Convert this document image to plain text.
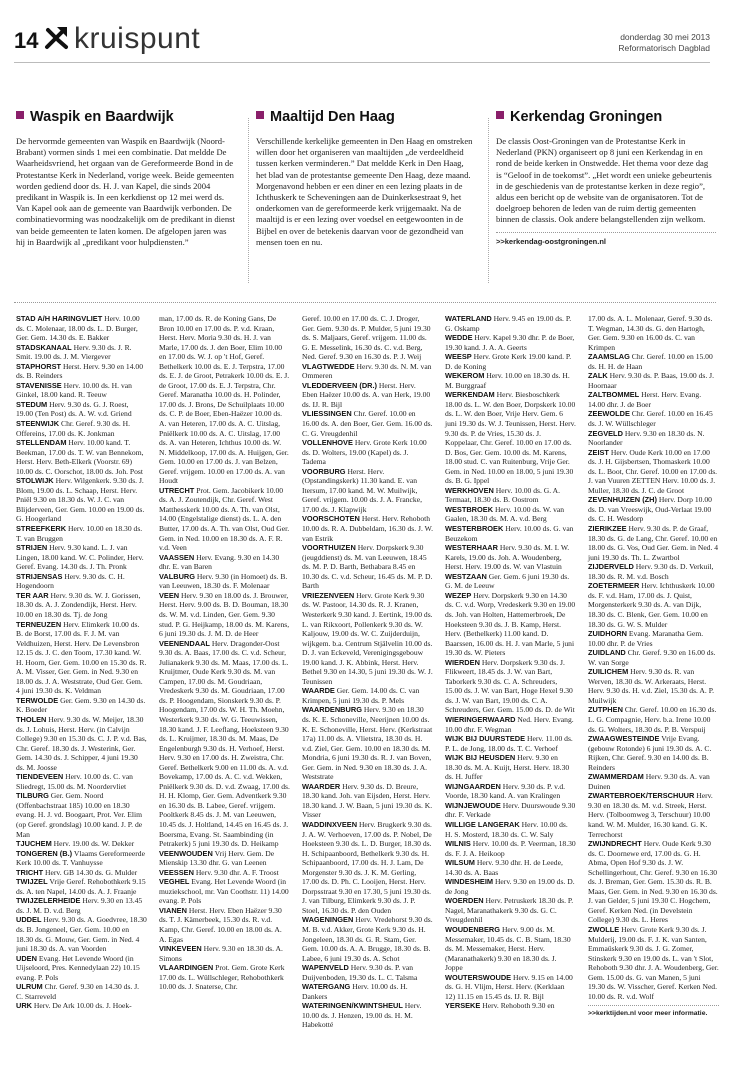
14 kruispunt	donderdag 30 mei 2013
Reformatorisch Dagblad
Waspik en Baardwijk

De hervormde gemeenten van Waspik en Baardwijk (Noord-Brabant) vormen sinds 1 mei een combinatie. Dat meldde De Waarheidsvriend, het orgaan van de Gereformeerde Bond in de Protestantse Kerk in Nederland, vorige week. Beide gemeenten worden gediend door ds. H. J. van Kapel, die sinds 2004 predikant in Waspik is. In een kerkdienst op 12 mei werd ds. Van Kapel ook aan de gemeente van Baardwijk verbonden. De combinatievorming was noodzakelijk om de predikant in dienst van beide gemeenten te laten komen. De afgelopen jaren was hij in Baardwijk al „predikant voor hulpdiensten.”

Maaltijd Den Haag

Verschillende kerkelijke gemeenten in Den Haag en omstreken willen door het organiseren van maaltijden „de verdeeldheid tussen kerken verminderen.” Dat meldde Kerk in Den Haag, het blad van de protestantse gemeente Den Haag, deze maand. Morgenavond hebben er een diner en een lezing plaats in de Ichthuskerk te Scheveningen aan de Duinkerksestraat 9, het onderkomen van de gereformeerde kerk vrijgemaakt. Na de maaltijd is er een lezing over voedsel en eetgewoonten in de Bijbel en over de betekenis daarvan voor de gezondheid van mensen toen en nu.

Kerkendag Groningen

De classis Oost-Groningen van de Protestantse Kerk in Nederland (PKN) organiseert op 8 juni een Kerkendag in en rond de beide kerken in Onstwedde. Het thema voor deze dag is “Geloof in de toekomst”. „Het wordt een unieke gebeurtenis in de geschiedenis van de protestantse kerken in deze regio”, aldus een bericht op de website van de organisatoren. Tot de doelgroep behoren de leden van de ruim dertig gemeenten binnen de classis. Ook andere belangstellenden zijn welkom.

>>kerkendag-oostgroningen.nl

STAD A/H HARINGVLIET Herv. 10.00 ds. C. Molenaar, 18.00 ds. L. D. Burger, Ger. Gem. 14.30 ds. E. Bakker

STADSKANAAL Herv. 9.30 ds. J. R. Smit. 19.00 ds. J. M. Viergever

STAPHORST Herst. Herv. 9.30 en 14.00 ds. B. Reinders

STAVENISSE Herv. 10.00 ds. H. van Ginkel, 18.00 kand. R. Teeuw

STEDUM Herv. 9.30 ds. G. J. Roest, 19.00 (Ten Post) ds. A. W. v.d. Griend

STEENWIJK Chr. Geref. 9.30 ds. H. Offereins, 17.00 ds. K. Jonkman

STELLENDAM Herv. 10.00 kand. T. Beekman, 17.00 ds. T. W. van Bennekom, Herst. Herv. Beth-Elkerk (Voorstr. 69) 10.00 ds. C. Oorschot, 18.00 ds. Joh. Post

STOLWIJK Herv. Wilgenkerk. 9.30 ds. J. Blom, 19.00 ds. L. Schaap, Herst. Herv. Pniël 9.30 en 18.30 ds. W. J. C. van Blijderveen, Ger. Gem. 10.00 en 19.00 ds. G. Hoogerland

STREEFKERK Herv. 10.00 en 18.30 ds. T. van Bruggen

STRIJEN Herv. 9.30 kand. L. J. van Lingen, 18.00 kand. W. C. Polinder, Herv. Geref. Evang. 14.30 ds. J. Th. Pronk

STRIJENSAS Herv. 9.30 ds. C. H. Hogendoorn

TER AAR Herv. 9.30 ds. W. J. Gorissen, 18.30 ds. A. J. Zondendijk, Herst. Herv. 10.00 en 18.30 ds. Tj. de Jong

TERNEUZEN Herv. Elimkerk 10.00 ds. B. de Borst, 17.00 ds. F. J. M. van Veldhuizen, Herst. Herv. De Levensbron 12.15 ds. J. C. den Toom, 17.30 kand. W. H. Hoorn, Ger. Gem. 10.00 en 15.30 ds. R. A. M. Visser, Ger. Gem. in Ned. 9.30 en 18.00 ds. J. A. Weststrate, Oud Ger. Gem. 4 juni 19.30 ds. K. Veldman

TERWOLDE Ger. Gem. 9.30 en 14.30 ds. K. Boeder

THOLEN Herv. 9.30 ds. W. Meijer, 18.30 ds. J. Lohuis, Herst. Herv. (in Calvijn College) 9.30 en 15.30 ds. C. J. P. v.d. Bas, Chr. Geref. 18.30 ds. J. Westerink, Ger. Gem. 14.30 ds. J. Schipper, 4 juni 19.30 ds. M. Joosse

TIENDEVEEN Herv. 10.00 ds. C. van Sliedregt, 15.00 ds. M. Noordervliet

TILBURG Ger. Gem. Noord (Offenbachstraat 185) 10.00 en 18.30 evang. H. J. vd. Boogaart, Prot. Ver. Elim (op Geref. grondslag) 10.00 kand. J. P. de Man

TJUCHEM Herv. 19.00 ds. W. Dekker

TONGEREN (B.) Vlaams Gereformeerde Kerk 10.00 ds. T. Vanhuysse

TRICHT Herv. GB 14.30 ds. G. Mulder

TWIJZEL Vrije Geref. Rehobothkerk 9.15 ds. A. ten Napel, 14.00 ds. A. J. Fraanje

TWIJZELERHEIDE Herv. 9.30 en 13.45 ds. J. M. D. v.d. Berg

UDDEL Herv. 9.30 ds. A. Goedvree, 18.30 ds. B. Jongeneel, Ger. Gem. 10.00 en 18.30 ds. G. Mouw, Ger. Gem. in Ned. 4 juni 18.30 ds. A. van Voorden

UDEN Evang. Het Levende Woord (in Uijseloord, Pres. Kennedylaan 22) 10.15 evang. P. Pols

ULRUM Chr. Geref. 9.30 en 14.30 ds. J. C. Starreveld

URK Herv. De Ark 10.00 ds. J. Hoek-

man, 17.00 ds. R. de Koning Gans, De Bron 10.00 en 17.00 ds. P. v.d. Kraan, Herst. Herv. Moria 9.30 ds. H. J. van Marle, 17.00 ds. J. den Boer, Elim 10.00 en 17.00 ds. W. J. op 't Hof, Geref. Bethelkerk 10.00 ds. E. J. Terpstra, 17.00 ds. E. J. de Groot, Petrakerk 10.00 ds. E. J. de Groot, 17.00 ds. E. J. Terpstra, Chr. Geref. Maranatha 10.00 ds. H. Polinder, 17.00 ds. J. Brons, De Schuilplaats 10.00 ds. C. P. de Boer, Eben-Haëzer 10.00 ds. A. van Heteren, 17.00 ds. A. C. Uitslag, Pniëlkerk 10.00 ds. A. C. Uitslag, 17.00 ds. A. van Heteren, Ichthus 10.00 ds. W. N. Middelkoop, 17.00 ds. A. Huijgen, Ger. Gem. 10.00 en 17.00 ds. J. van Belzen, Geref. vrijgem. 10.00 en 17.00 ds. A. van Houdt

UTRECHT Prot. Gem. Jacobikerk 10.00 ds. A. J. Zoutendijk, Chr. Geref. West Matthesskerk 10.00 ds. A. Th. van Olst, 14.00 (Engelstalige dienst) ds. L. A. den Butter, 17.00 ds. A. Th. van Olst, Oud Ger. Gem. in Ned. 10.00 en 18.30 ds. A. F. R. v.d. Veen

VAASSEN Herv. Evang. 9.30 en 14.30 dhr. E. van Baren

VALBURG Herv. 9.30 (in Homoet) ds. B. van Leeuwen, 18.30 ds. F. Molenaar

VEEN Herv. 9.30 en 18.00 ds. J. Brouwer, Herst. Herv. 9.00 ds. B. D. Bouman, 18.30 ds. W. M. v.d. Linden, Ger. Gem. 9.30 stud. P. G. Heijkamp, 18.00 ds. M. Karens, 6 juni 19.30 ds. J. M. D. de Heer

VEENENDAAL Herv. Dragonder-Oost 9.30 ds. A. Baas, 17.00 ds. C. v.d. Scheur, Julianakerk 9.30 ds. M. Maas, 17.00 ds. L. Kruijtmer, Oude Kerk 9.30 ds. M. van Campen, 17.00 ds. M. Goudriaan, Vredeskerk 9.30 ds. M. Goudriaan, 17.00 ds. P. Hoogendam, Sionskerk 9.30 ds. P. Hoogendam, 17.00 ds. W. H. Th. Moehn, Westerkerk 9.30 ds. W. G. Teeuwissen, 18.30 kand. J. F. Leeflang, Hoeksteen 9.30 ds. L. Kruijmer, 18.30 ds. M. Maas, De Engelenburgh 9.30 ds. H. Verhoef, Herst. Herv. 9.30 en 17.00 ds. H. Zweistra, Chr. Geref. Bethelkerk 9.00 en 11.00 ds. A. v.d. Bovekamp, 17.00 ds. A. C. v.d. Wekken, Pniëlkerk 9.30 ds. D. v.d. Zwaag, 17.00 ds. H. H. Klomp, Ger. Gem. Adventkerk 9.30 en 16.30 ds. B. Labee, Geref. vrijgem. Pooltkerk 8.45 ds. J. M. van Leeuwen, 10.45 ds. J. Holtland, 14.45 en 16.45 ds. J. Boersma, Evang. St. Saambinding (in Petrakerk) 5 juni 19.30 ds. D. Heikamp

VEENWOUDEN Vrij Herv. Gem. De Mienskip 13.30 dhr. G. van Leenen

VEESSEN Herv. 9.30 dhr. A. F. Troost

VEGHEL Evang. Het Levende Woord (in muziekschool, mr. Van Coothstr. 11) 14.00 evang. P. Pols

VIANEN Herst. Herv. Eben Haëzer 9.30 ds. T. J. Kämerbeek, 15.30 ds. R. v.d. Kamp, Chr. Geref. 10.00 en 18.00 ds. A. A. Egas

VINKEVEEN Herv. 9.30 en 18.30 ds. A. Simons

VLAARDINGEN Prot. Gem. Grote Kerk 17.00 ds. L. Wüllschleger, Rehobothkerk 10.00 ds. J. Snaterse, Chr.

Geref. 10.00 en 17.00 ds. C. J. Droger, Ger. Gem. 9.30 ds. P. Mulder, 5 juni 19.30 ds. S. Maljaars, Geref. vrijgem. 11.00 ds. G. E. Messelink, 16.30 ds. C. v.d. Berg, Ned. Geref. 9.30 en 16.30 ds. P. J. Weij

VLAGTWEDDE Herv. 9.30 ds. N. M. van Ommeren

VLEDDERVEEN (DR.) Herst. Herv. Eben Haëzer 10.00 ds. A. van Herk, 19.00 ds. IJ. R. Bijl

VLIESSINGEN Chr. Geref. 10.00 en 16.00 ds. A. den Boer, Ger. Gem. 16.00 ds. C. G. Vreugdenhil

VOLLENHOVE Herv. Grote Kerk 10.00 ds. D. Wolters, 19.00 (Kapel) ds. J. Tadema

VOORBURG Herst. Herv. (Opstandingskerk) 11.30 kand. E. van Itersum, 17.00 kand. M. W. Muilwijk, Geref. vrijgem. 10.00 ds. J. A. Francke, 17.00 ds. J. Klapwijk

VOORSCHOTEN Herst. Herv. Rehoboth 10.00 ds. R. A. Dubbeldam, 16.30 ds. J. W. van Estrik

VOORTHUIZEN Herv. Dorpskerk 9.30 (jeugddienst) ds. M. van Leeuwen, 18.45 ds. M. P. D. Barth, Bethabara 8.45 en 10.30 ds. C. v.d. Scheur, 16.45 ds. M. P. D. Barth

VRIEZENVEEN Herv. Grote Kerk 9.30 ds. W. Pastoor, 14.30 ds. R. J. Kranen, Westerkerk 9.30 kand. J. Eertink, 19.00 ds. L. van Rikxoort, Pollenkerk 9.30 ds. W. Kaljouw, 19.00 ds. W. C. Zuijderduijn, wijkgem. b.a. Centrum Stjälvelin 10.00 ds. D. J. van Eckeveld, Verenigingsgebouw 19.00 kand. J. K. Abbink, Herst. Herv. Bethel 9.30 en 14.30, 5 juni 19.30 ds. W. J. Teunissen

WAARDE Ger. Gem. 14.00 ds. C. van Krimpen, 5 juni 19.30 ds. P. Mels

WAARDENBURG Herv. 9.30 en 18.30 ds. K. E. Schoneville, Neerijnen 10.00 ds. K. E. Schoneville, Herst. Herv. (Kerkstraat 17a) 11.00 ds. A. Vlietstra, 18.30 ds. H. v.d. Ziel, Ger. Gem. 10.00 en 18.30 ds. M. Mondria, 6 juni 19.30 ds. R. J. van Boven, Ger. Gem. in Ned. 9.30 en 18.30 ds. J. A. Weststrate

WAARDER Herv. 9.30 ds. D. Breure, 18.30 kand. Joh. van Eijsden, Herst. Herv. 18.30 kand. J. W. Baan, 5 juni 19.30 ds. K. Visser

WADDINXVEEN Herv. Brugkerk 9.30 ds. J. A. W. Verhoeven, 17.00 ds. P. Nobel, De Hoeksteen 9.30 ds. L. D. Burger, 18.30 ds. H. Schipaanboord, Bethelkerk 9.30 ds. H. Schipaanboord, 17.00 ds. H. J. Lam, De Morgenster 9.30 ds. J. K. M. Gerling, 17.00 ds. D. Ph. C. Looijen, Herst. Herv. Dorpsstraat 9.30 en 17.30, 5 juni 19.30 ds. J. van Tilburg, Elimkerk 9.30 ds. J. P. Stoel, 16.30 ds. P. den Ouden

WAGENINGEN Herv. Vredehorst 9.30 ds. M. B. v.d. Akker, Grote Kerk 9.30 ds. H. Jongeleen, 18.30 ds. G. R. Stam, Ger. Gem. 10.00 ds. A. A. Brugge, 18.30 ds. B. Labee, 6 juni 19.30 ds. A. Schot

WAPENVELD Herv. 9.30 ds. P. van Duijvenboden, 19.30 ds. L. C. Talsma

WATERGANG Herv. 10.00 ds. H. Dankers

WATERINGEN/KWINTSHEUL Herv. 10.00 ds. J. Henzen, 19.00 ds. H. M. Habekotté

WATERLAND Herv. 9.45 en 19.00 ds. P. G. Oskamp

WEDDE Herv. Kapel 9.30 dhr. P. de Boer, 19.30 kand. J. A. A. Geerts

WEESP Herv. Grote Kerk 19.00 kand. P. D. de Koning

WEKEROM Herv. 10.00 en 18.30 ds. H. M. Burggraaf

WERKENDAM Herv. Biesboschkerk 18.00 ds. L. W. den Boer, Dorpskerk 10.00 ds. L. W. den Boer, Vrije Herv. Gem. 6 juni 19.30 ds. W. J. Teunissen, Herst. Herv. 9.30 ds. P. de Vries, 15.30 ds. J. Koppelaar, Chr. Geref. 10.00 en 17.00 ds. D. Bos, Ger. Gem. 10.00 ds. M. Karens, 18.00 stud. C. van Ruitenburg, Vrije Ger. Gem. in Ned. 10.00 en 18.00, 5 juni 19.30 ds. B. G. Ippel

WERKHOVEN Herv. 10.00 ds. G. A. Termaat, 18.30 ds. B. Oostrom

WESTBROEK Herv. 10.00 ds. W. van Gaalen, 18.30 ds. M. A. v.d. Berg

WESTERBROEK Herv. 10.00 ds. G. van Beuzekom

WESTERHAAR Herv. 9.30 ds. M. I. W. Karels, 19.00 ds. Joh. A. Woudenberg, Herst. Herv. 19.00 ds. W. van Vlastuin

WESTZAAN Ger. Gem. 6 juni 19.30 ds. G. M. de Leeuw

WEZEP Herv. Dorpskerk 9.30 en 14.30 ds. C. v.d. Worp, Vredeskerk 9.30 en 19.00 ds. Joh. van Holten, Hattemerbroek, De Hoeksteen 9.30 ds. J. B. Kamp, Herst. Herv. (Bethelkerk) 11.00 kand. D. Baarssen, 16.00 ds. H. J. van Marle, 5 juni 19.30 ds. W. Pieters

WIERDEN Herv. Dorpskerk 9.30 ds. J. Flikweert, 18.45 ds. J. W. van Bart, Taborkerk 9.30 ds. C. A. Schreuders, 15.00 ds. J. W. van Bart, Hoge Hexel 9.30 ds. J. W. van Bart, 19.00 ds. C. A. Schreuders, Ger. Gem. 15.00 ds. D. de Wit

WIERINGERWAARD Ned. Herv. Evang. 10.00 dhr. F. Wegman

WIJK BIJ DUURSTEDE Herv. 11.00 ds. P. L. de Jong, 18.00 ds. T. C. Verhoef

WIJK BIJ HEUSDEN Herv. 9.30 en 18.30 ds. M. A. Kuijt, Herst. Herv. 18.30 ds. H. Juffer

WIJNGAARDEN Herv. 9.30 ds. P. v.d. Voorde, 18.30 kand. A. van Kralingen

WIJNJEWOUDE Herv. Duurswoude 9.30 dhr. F. Verkade

WILLIGE LANGERAK Herv. 10.00 ds. H. S. Mosterd, 18.30 ds. C. W. Saly

WILNIS Herv. 10.00 ds. P. Veerman, 18.30 ds. F. J. A. Heikoop

WILSUM Herv. 9.30 dhr. H. de Leede, 14.30 ds. A. Baas

WINDESHEIM Herv. 9.30 en 19.00 ds. D. de Jong

WOERDEN Herv. Petruskerk 18.30 ds. P. Nagel, Maranathakerk 9.30 ds. G. C. Vreugdenhil

WOUDENBERG Herv. 9.00 ds. M. Messemaker, 10.45 ds. C. B. Stam, 18.30 ds. M. Messemaker, Herst. Herv. (Maranathakerk) 9.30 en 18.30 ds. J. Joppe

WOUTERSWOUDE Herv. 9.15 en 14.00 ds. G. H. Vlijm, Herst. Herv. (Kerklaan 12) 11.15 en 15.45 ds. IJ. R. Bijl

YERSEKE Herv. Rehoboth 9.30 en

17.00 ds. A. L. Molenaar, Geref. 9.30 ds. T. Wegman, 14.30 ds. G. den Hartogh, Ger. Gem. 9.30 en 16.00 ds. C. van Krimpen

ZAAMSLAG Chr. Geref. 10.00 en 15.00 ds. H. H. de Haan

ZALK Herv. 9.30 ds. P. Baas, 19.00 ds. J. Hoornaar

ZALTBOMMEL Herst. Herv. Evang. 14.00 dhr. J. de Boer

ZEEWOLDE Chr. Geref. 10.00 en 16.45 ds. J. W. Wüllschleger

ZEGVELD Herv. 9.30 en 18.30 ds. N. Noorlander

ZEIST Herv. Oude Kerk 10.00 en 17.00 ds. J. H. Gijsbertsen, Thomaskerk 10.00 ds. L. Boot, Chr. Geref. 10.00 en 17.00 ds. J. van Vuuren ZETTEN Herv. 10.00 ds. J. Muller, 18.30 ds. J. C. de Groot

ZEVENHUIZEN (ZH) Herv. Dorp 10.00 ds. D. van Vreeswijk, Oud-Verlaat 19.00 ds. C. H. Wesdorp

ZIERIKZEE Herv. 9.30 ds. P. de Graaf, 18.30 ds. G. de Lang, Chr. Geref. 10.00 en 18.00 ds. G. Vos, Oud Ger. Gem. in Ned. 4 juni 19.30 ds. Th. L. Zwartbol

ZIJDERVELD Herv. 9.30 ds. D. Verkuil, 18.30 ds. R. M. v.d. Bosch

ZOETERMEER Herv. Ichthuskerk 10.00 ds. F. v.d. Ham, 17.00 ds. J. Quist, Morgensterkerk 9.30 ds. A. van Dijk, 18.30 ds. C. Blenk, Ger. Gem. 10.00 en 18.30 ds. G. W. S. Mulder

ZUIDHORN Evang. Maranatha Gem. 10.00 dhr. P. de Vries

ZUIDLAND Chr. Geref. 9.30 en 16.00 ds. W. van Sorge

ZUILICHEM Herv. 9.30 ds. R. van Werven, 18.30 ds. W. Arkeraats, Herst. Herv. 9.30 ds. H. v.d. Ziel, 15.30 ds. A. P. Muilwijk

ZUTPHEN Chr. Geref. 10.00 en 16.30 ds. L. G. Compagnie, Herv. b.a. Irene 10.00 ds. G. Wolters, 18.30 ds. P. B. Verspuij

ZWAAGWESTEINDE Vrije Evang. (gebouw Rotonde) 6 juni 19.30 ds. A. C. Rijken, Chr. Geref. 9.30 en 14.00 ds. B. Reinders

ZWAMMERDAM Herv. 9.30 ds. A. van Duinen

ZWARTEBROEK/TERSCHUUR Herv. 9.30 en 18.30 ds. M. v.d. Streek, Herst. Herv. (Tolboomweg 3, Terschuur) 10.00 kand. W. M. Mulder, 16.30 kand. G. K. Terrechorst

ZWIJNDRECHT Herv. Oude Kerk 9.30 ds. C. Doornewe erd, 17.00 ds. G. H. Abma, Open Hof 9.30 ds. J. W. Schellingerhout, Chr. Geref. 9.30 en 16.30 ds. J. Breman, Ger. Gem. 15.30 ds. R. B. Maas, Ger. Gem. in Ned. 9.30 en 16.30 ds. J. van Gelder, 5 juni 19.30 C. Hogchem, Geref. Kerken Ned. (in Develstein College) 9.30 ds. L. Heres

ZWOLLE Herv. Grote Kerk 9.30 ds. J. Mulderij, 19.00 ds. F. J. K. van Santen, Emmaüskerk 9.30 ds. J. G. Zomer, Stinskerk 9.30 en 19.00 ds. L. van 't Slot, Rehoboth 9.30 dhr. J. A. Woudenberg, Ger. Gem. 15.00 ds. G. van Manen, 5 juni 19.30 ds. W. Visscher, Geref. Kerken Ned. 10.00 ds. R. v.d. Wolf

>>kerktijden.nl voor meer informatie.
